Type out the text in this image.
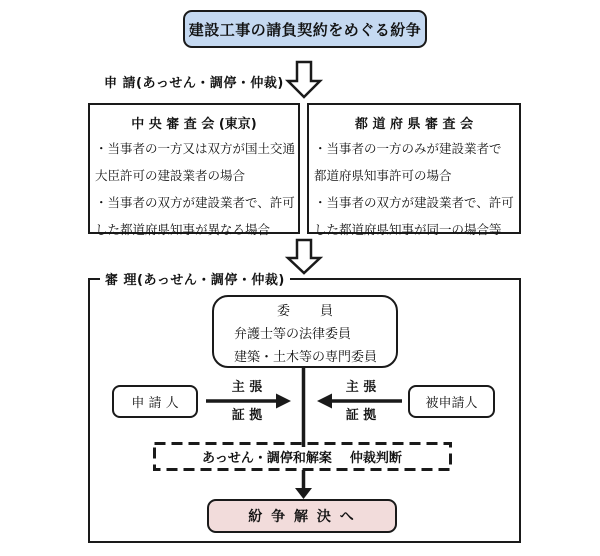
建設工事の請負契約をめぐる紛争
申 請(あっせん・調停・仲裁)
中 央 審 査 会 (東京)
・当事者の一方又は双方が国土交通
大臣許可の建設業者の場合
・当事者の双方が建設業者で、許可
した都道府県知事が異なる場合
都 道 府 県 審 査 会
・当事者の一方のみが建設業者で
都道府県知事許可の場合
・当事者の双方が建設業者で、許可
した都道府県知事が同一の場合等
審 理(あっせん・調停・仲裁)
委 員
弁護士等の法律委員
建築・土木等の専門委員
申 請 人	被申請人
主 張
証 拠
主 張
証 拠
あっせん・調停和解案 仲裁判断
紛 争 解 決 へ
